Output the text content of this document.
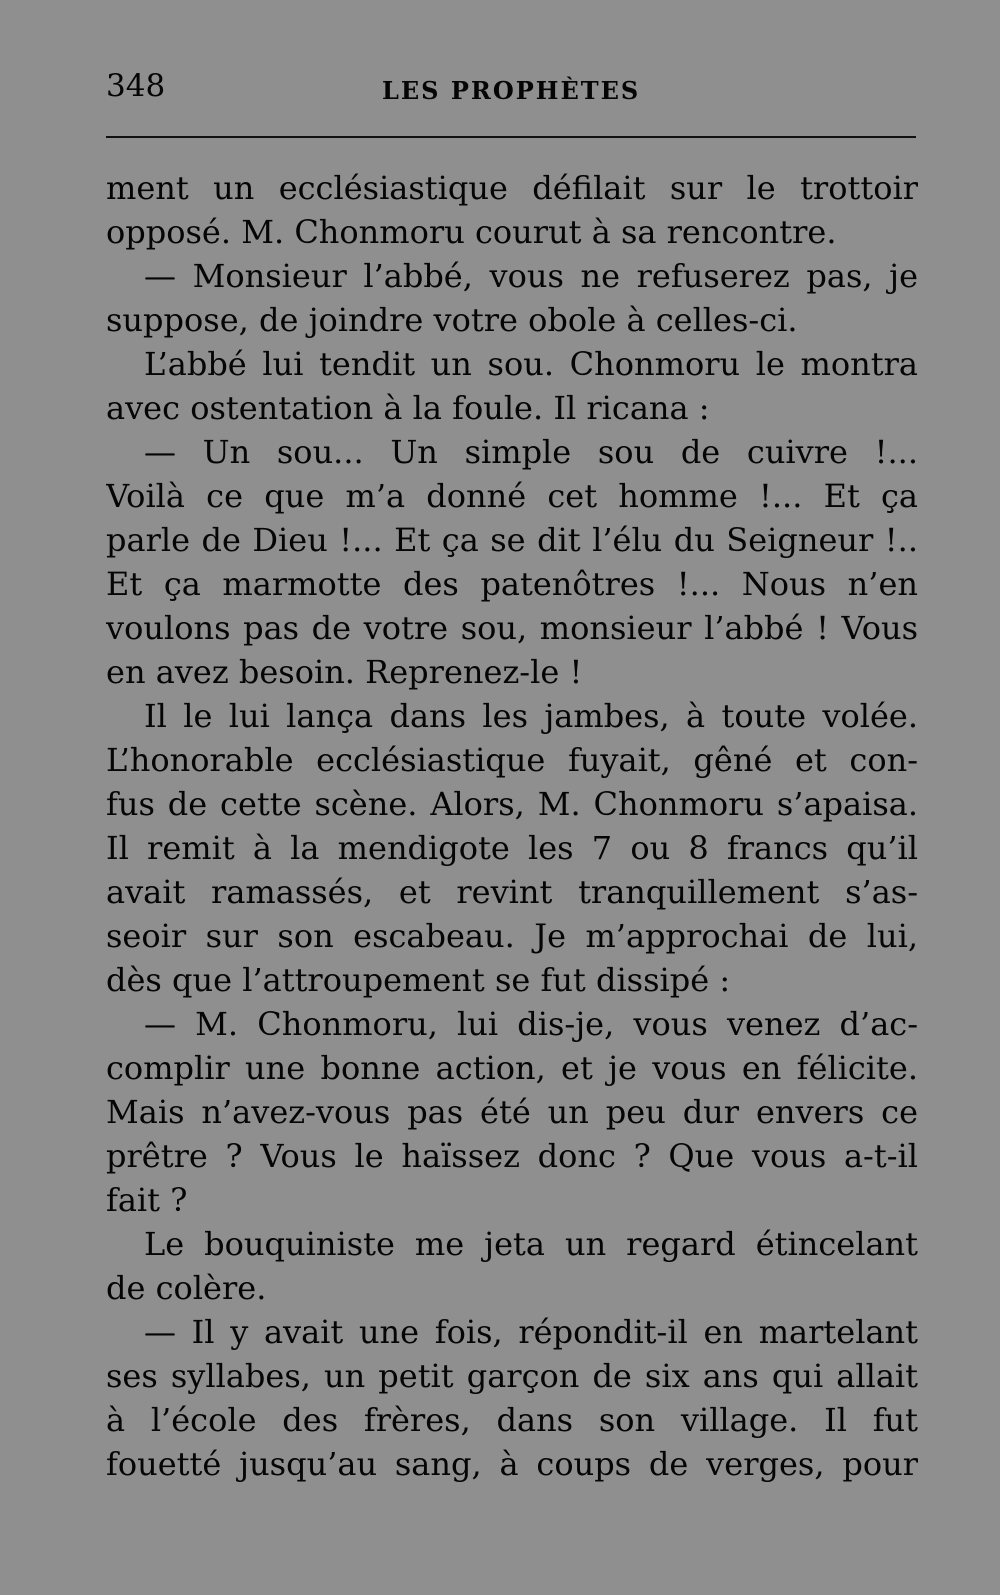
348	LES PROPHÈTES
ment un ecclésiastique défilait sur le trottoir
opposé. M. Chonmoru courut à sa rencontre.
— Monsieur l’abbé, vous ne refuserez pas, je
suppose, de joindre votre obole à celles-ci.
L’abbé lui tendit un sou. Chonmoru le montra
avec ostentation à la foule. Il ricana :
— Un sou... Un simple sou de cuivre !...
Voilà ce que m’a donné cet homme !... Et ça
parle de Dieu !... Et ça se dit l’élu du Seigneur !..
Et ça marmotte des patenôtres !... Nous n’en
voulons pas de votre sou, monsieur l’abbé ! Vous
en avez besoin. Reprenez-le !
Il le lui lança dans les jambes, à toute volée.
L’honorable ecclésiastique fuyait, gêné et con-
fus de cette scène. Alors, M. Chonmoru s’apaisa.
Il remit à la mendigote les 7 ou 8 francs qu’il
avait ramassés, et revint tranquillement s’as-
seoir sur son escabeau. Je m’approchai de lui,
dès que l’attroupement se fut dissipé :
— M. Chonmoru, lui dis-je, vous venez d’ac-
complir une bonne action, et je vous en félicite.
Mais n’avez-vous pas été un peu dur envers ce
prêtre ? Vous le haïssez donc ? Que vous a-t-il
fait ?
Le bouquiniste me jeta un regard étincelant
de colère.
— Il y avait une fois, répondit-il en martelant
ses syllabes, un petit garçon de six ans qui allait
à l’école des frères, dans son village. Il fut
fouetté jusqu’au sang, à coups de verges, pour
